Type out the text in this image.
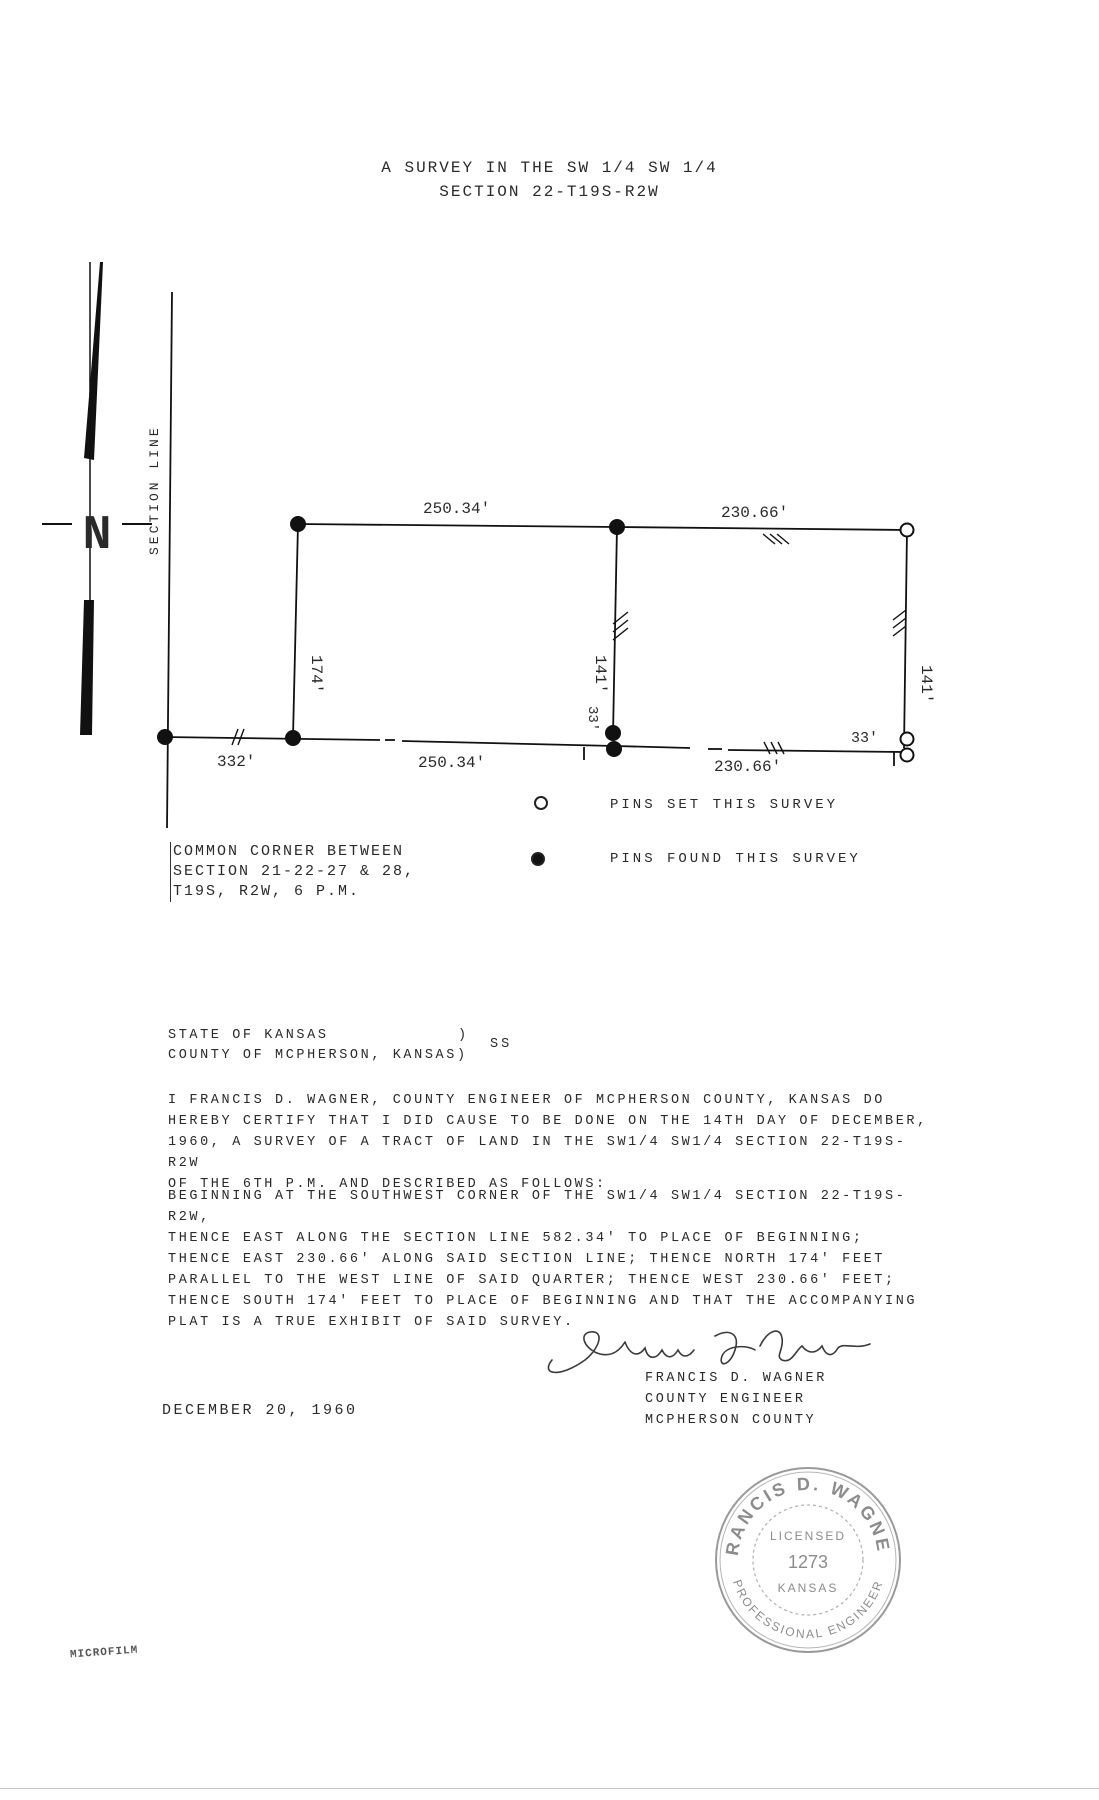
A SURVEY IN THE SW 1/4 SW 1/4
SECTION 22-T19S-R2W
N	SECTION LINE	250.34'	230.66'
250.34'	230.66'
332'
33'
174'	141'	141'
33'
PINS SET THIS SURVEY
PINS FOUND THIS SURVEY
COMMON CORNER BETWEEN
SECTION 21-22-27 & 28,
T19S, R2W, 6 P.M.
STATE OF KANSAS	)
SS
COUNTY OF MCPHERSON, KANSAS)
I FRANCIS D. WAGNER, COUNTY ENGINEER OF MCPHERSON COUNTY, KANSAS DO
HEREBY CERTIFY THAT I DID CAUSE TO BE DONE ON THE 14TH DAY OF DECEMBER,
1960, A SURVEY OF A TRACT OF LAND IN THE SW1/4 SW1/4 SECTION 22-T19S-R2W
OF THE 6TH P.M. AND DESCRIBED AS FOLLOWS:
BEGINNING AT THE SOUTHWEST CORNER OF THE SW1/4 SW1/4 SECTION 22-T19S-R2W,
THENCE EAST ALONG THE SECTION LINE 582.34' TO PLACE OF BEGINNING;
THENCE EAST 230.66' ALONG SAID SECTION LINE; THENCE NORTH 174' FEET
PARALLEL TO THE WEST LINE OF SAID QUARTER; THENCE WEST 230.66' FEET;
THENCE SOUTH 174' FEET TO PLACE OF BEGINNING AND THAT THE ACCOMPANYING
PLAT IS A TRUE EXHIBIT OF SAID SURVEY.
FRANCIS D. WAGNER
COUNTY ENGINEER
MCPHERSON COUNTY
DECEMBER 20, 1960
RANCIS D. WAGNE
PROFESSIONAL ENGINEER
LICENSED
1273
KANSAS
MICROFILM
